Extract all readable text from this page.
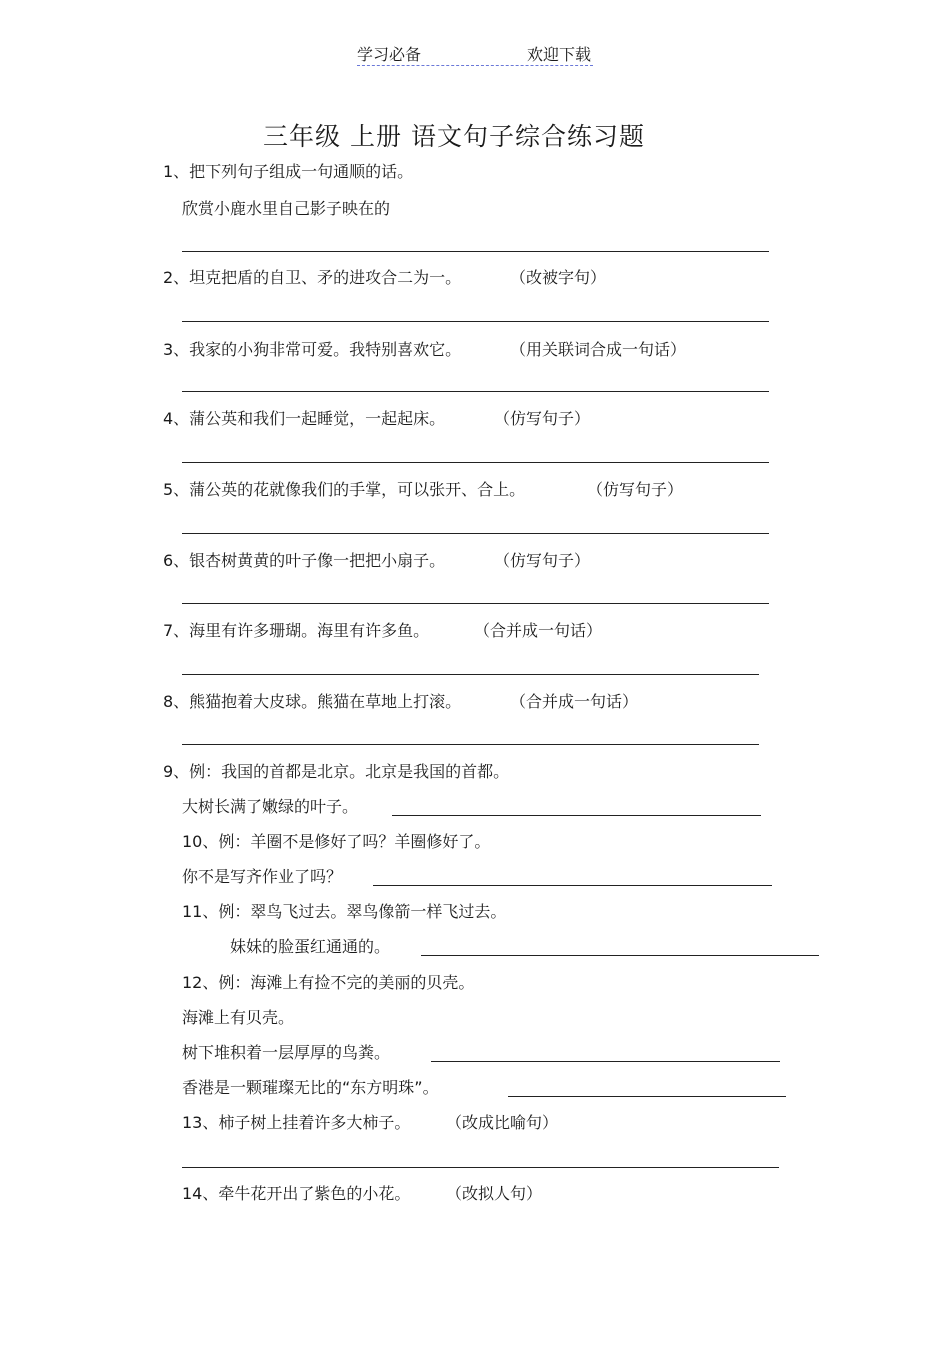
学习必备	欢迎下载
三年级 上册 语文句子综合练习题
1、把下列句子组成一句通顺的话。
欣赏小鹿水里自己影子映在的
2、坦克把盾的自卫、矛的进攻合二为一。	（改被字句）
3、我家的小狗非常可爱。我特别喜欢它。	（用关联词合成一句话）
4、蒲公英和我们一起睡觉，一起起床。	（仿写句子）
5、蒲公英的花就像我们的手掌，可以张开、合上。	（仿写句子）
6、银杏树黄黄的叶子像一把把小扇子。	（仿写句子）
7、海里有许多珊瑚。海里有许多鱼。	（合并成一句话）
8、熊猫抱着大皮球。熊猫在草地上打滚。	（合并成一句话）
9、例：我国的首都是北京。北京是我国的首都。
大树长满了嫩绿的叶子。
10、例：羊圈不是修好了吗？羊圈修好了。
你不是写齐作业了吗？
11、例：翠鸟飞过去。翠鸟像箭一样飞过去。
妹妹的脸蛋红通通的。
12、例：海滩上有捡不完的美丽的贝壳。
海滩上有贝壳。
树下堆积着一层厚厚的鸟粪。
香港是一颗璀璨无比的“东方明珠”。
13、柿子树上挂着许多大柿子。 （改成比喻句）
14、牵牛花开出了紫色的小花。 （改拟人句）
